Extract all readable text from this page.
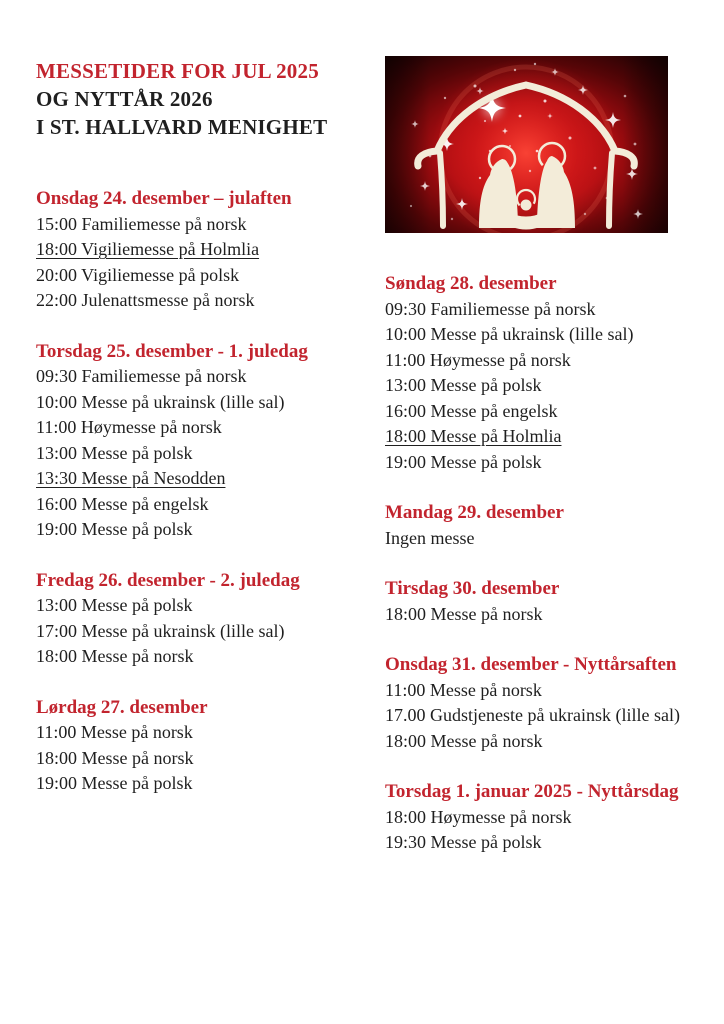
MESSETIDER FOR JUL 2025
OG NYTTÅR 2026
I ST. HALLVARD MENIGHET
Onsdag 24. desember – julaften
15:00 Familiemesse på norsk
18:00 Vigiliemesse på Holmlia
20:00 Vigiliemesse på polsk
22:00 Julenattsmesse på norsk
Torsdag 25. desember - 1. juledag
09:30 Familiemesse på norsk
10:00 Messe på ukrainsk (lille sal)
11:00 Høymesse på norsk
13:00 Messe på polsk
13:30 Messe på Nesodden
16:00 Messe på engelsk
19:00 Messe på polsk
Fredag 26. desember - 2. juledag
13:00 Messe på polsk
17:00 Messe på ukrainsk (lille sal)
18:00 Messe på norsk
Lørdag 27. desember
11:00 Messe på norsk
18:00 Messe på norsk
19:00 Messe på polsk
Søndag 28. desember
09:30 Familiemesse på norsk
10:00 Messe på ukrainsk (lille sal)
11:00 Høymesse på norsk
13:00 Messe på polsk
16:00 Messe på engelsk
18:00 Messe på Holmlia
19:00 Messe på polsk
Mandag 29. desember
Ingen messe
Tirsdag 30. desember
18:00 Messe på norsk
Onsdag 31. desember - Nyttårsaften
11:00 Messe på norsk
17.00 Gudstjeneste på ukrainsk (lille sal)
18:00 Messe på norsk
Torsdag 1. januar 2025 - Nyttårsdag
18:00 Høymesse på norsk
19:30 Messe på polsk
